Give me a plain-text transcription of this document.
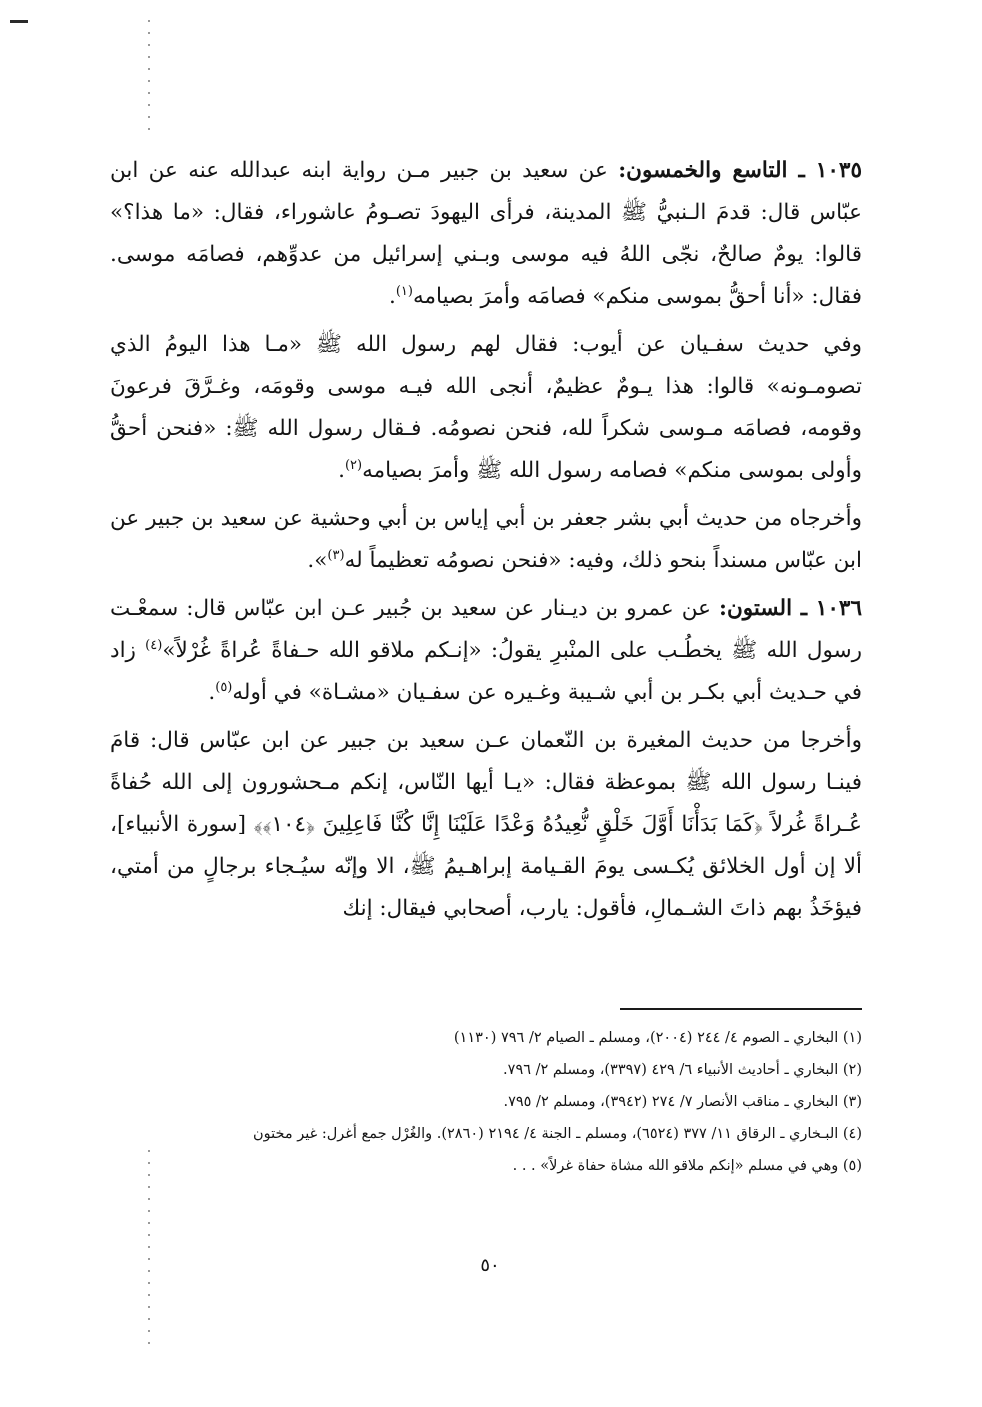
١٠٣٥ ـ التاسع والخمسون: عن سعيد بن جبير مـن رواية ابنه عبدالله عنه عن ابن عبّاس قال: قدمَ الـنبيُّ ﷺ المدينة، فرأى اليهودَ تصـومُ عاشوراء، فقال: «ما هذا؟» قالوا: يومٌ صالحٌ، نجّى اللهُ فيه موسى وبـني إسرائيل من عدوِّهم، فصامَه موسى. فقال: «أنا أحقُّ بموسى منكم» فصامَه وأمرَ بصيامه$^{(١)}$.

وفي حديث سفـيان عن أيوب: فقال لهم رسول الله ﷺ «مـا هذا اليومُ الذي تصومـونه» قالوا: هذا يـومٌ عظيمٌ، أنجى الله فيـه موسى وقومَه، وغـرَّقَ فرعونَ وقومه، فصامَه مـوسى شكراً لله، فنحن نصومُه. فـقال رسول الله ﷺ: «فنحن أحقُّ وأولى بموسى منكم» فصامه رسول الله ﷺ وأمرَ بصيامه$^{(٢)}$.

وأخرجاه من حديث أبي بشر جعفر بن أبي إياس بن أبي وحشية عن سعيد بن جبير عن ابن عبّاس مسنداً بنحو ذلك، وفيه: «فنحن نصومُه تعظيماً له$^{(٣)}$».

١٠٣٦ ـ الستون: عن عمرو بن ديـنار عن سعيد بن جُبير عـن ابن عبّاس قال: سمعْـت رسول الله ﷺ يخطُـب على المنْبرِ يقولُ: «إنـكم ملاقو الله حـفاةً عُراةً غُرْلاً»$^{(٤)}$ زاد في حـديث أبي بكـر بن أبي شـيبة وغـيره عن سفـيان «مشـاة» في أوله$^{(٥)}$.

وأخرجا من حديث المغيرة بن النّعمان عـن سعيد بن جبير عن ابن عبّاس قال: قامَ فينـا رسول الله ﷺ بموعظة فقال: «يـا أيها النّاس، إنكم مـحشورون إلى الله حُفاةً عُـراةً غُرلاً ﴿كَمَا بَدَأْنَا أَوَّلَ خَلْقٍ نُّعِيدُهُ وَعْدًا عَلَيْنَا إِنَّا كُنَّا فَاعِلِينَ ﴿١٠٤﴾﴾ [سورة الأنبياء]، ألا إن أول الخلائق يُكـسى يومَ القـيامة إبراهـيمُ ﷺ، الا وإنّه سيُـجاء برجالٍ من أمتي، فيؤخَذُ بهم ذاتَ الشـمالِ، فأقول: يارب، أصحابي فيقال: إنك

(١) البخاري ـ الصوم ٤/ ٢٤٤ (٢٠٠٤)، ومسلم ـ الصيام ٢/ ٧٩٦ (١١٣٠)

(٢) البخاري ـ أحاديث الأنبياء ٦/ ٤٢٩ (٣٣٩٧)، ومسلم ٢/ ٧٩٦.

(٣) البخاري ـ مناقب الأنصار ٧/ ٢٧٤ (٣٩٤٢)، ومسلم ٢/ ٧٩٥.

(٤) البـخاري ـ الرقاق ١١/ ٣٧٧ (٦٥٢٤)، ومسلم ـ الجنة ٤/ ٢١٩٤ (٢٨٦٠). والغُرْل جمع أغرل: غير مختون

(٥) وهي في مسلم «إنكم ملاقو الله مشاة حفاة غرلاً» . . .

٥٠
